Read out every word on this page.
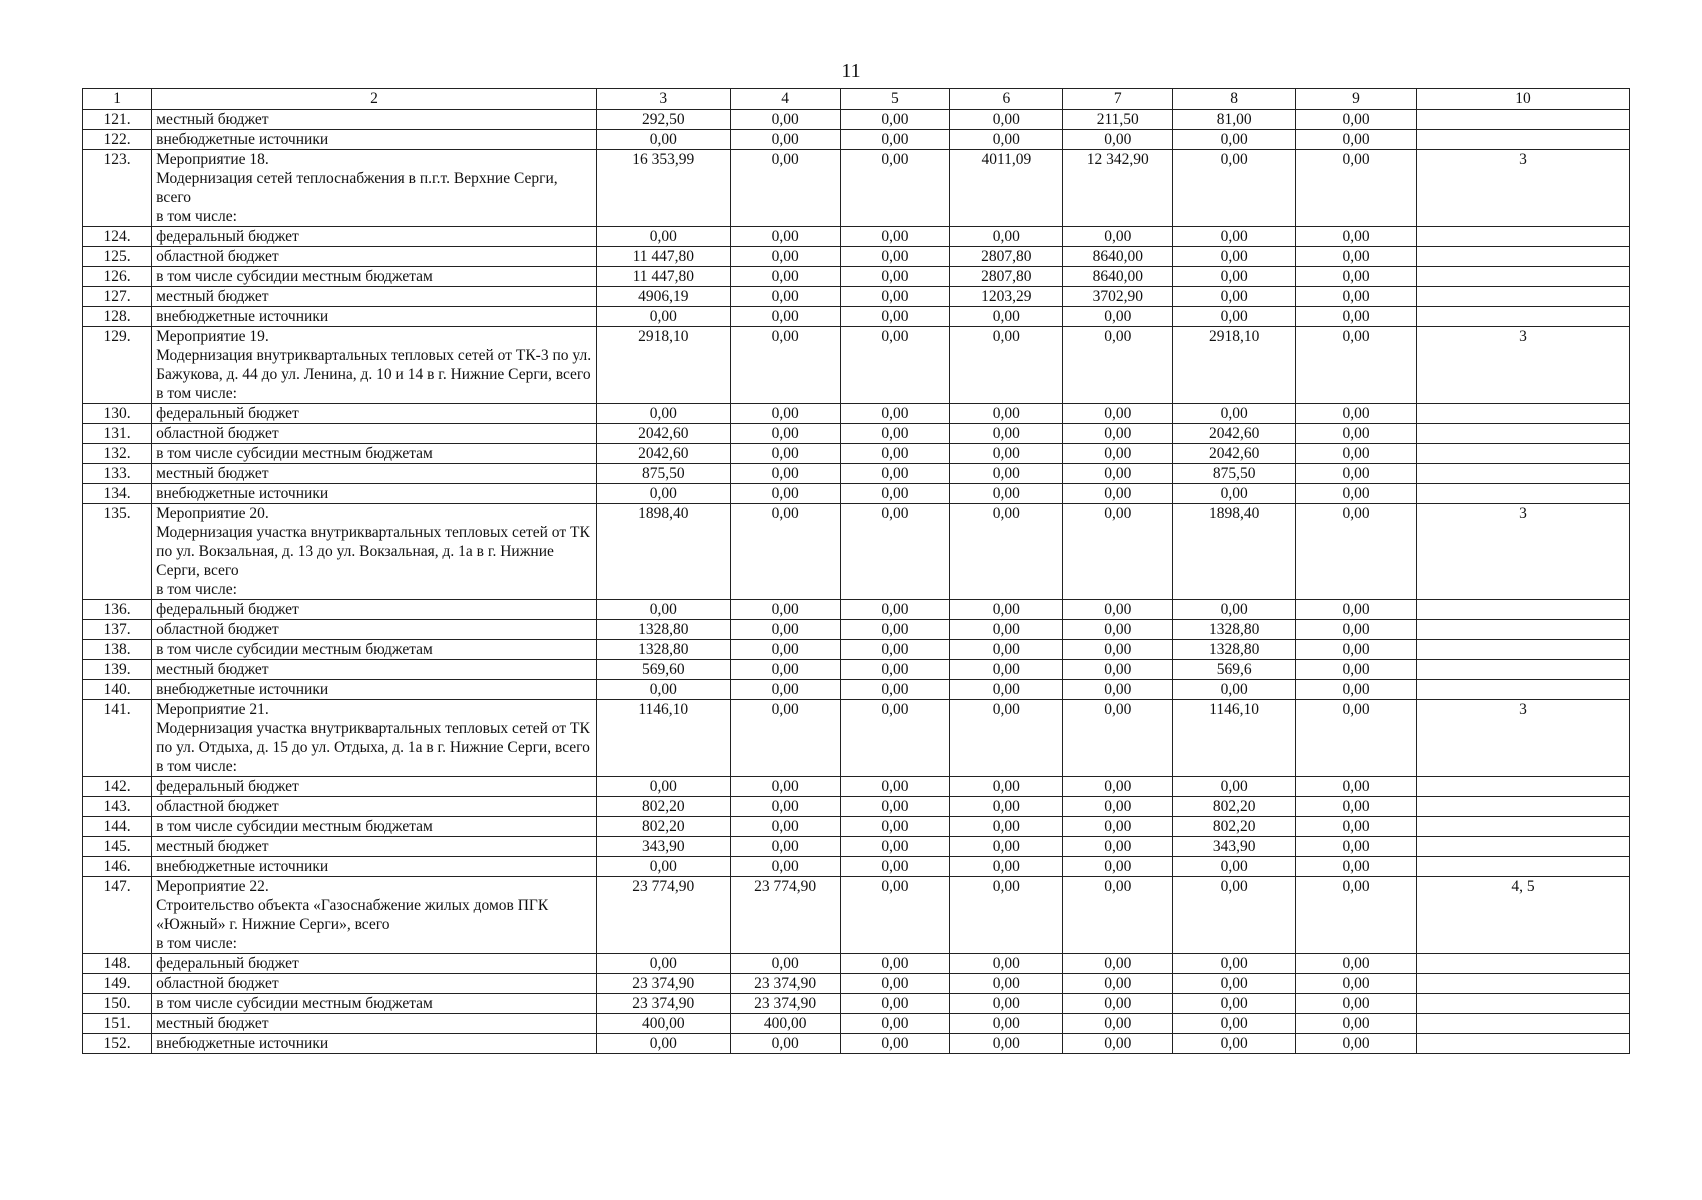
11
1	2	3	4	5	6	7	8	9	10
121.	местный бюджет	292,50	0,00	0,00	0,00	211,50	81,00	0,00	
122.	внебюджетные источники	0,00	0,00	0,00	0,00	0,00	0,00	0,00	
123.	Мероприятие 18.
Модернизация сетей теплоснабжения в п.г.т. Верхние Серги, всего
в том числе:	16 353,99	0,00	0,00	4011,09	12 342,90	0,00	0,00	3
124.	федеральный бюджет	0,00	0,00	0,00	0,00	0,00	0,00	0,00	
125.	областной бюджет	11 447,80	0,00	0,00	2807,80	8640,00	0,00	0,00	
126.	в том числе субсидии местным бюджетам	11 447,80	0,00	0,00	2807,80	8640,00	0,00	0,00	
127.	местный бюджет	4906,19	0,00	0,00	1203,29	3702,90	0,00	0,00	
128.	внебюджетные источники	0,00	0,00	0,00	0,00	0,00	0,00	0,00	
129.	Мероприятие 19.
Модернизация внутриквартальных тепловых сетей от ТК-3 по ул. Бажукова, д. 44 до ул. Ленина, д. 10 и 14 в г. Нижние Серги, всего
в том числе:	2918,10	0,00	0,00	0,00	0,00	2918,10	0,00	3
130.	федеральный бюджет	0,00	0,00	0,00	0,00	0,00	0,00	0,00	
131.	областной бюджет	2042,60	0,00	0,00	0,00	0,00	2042,60	0,00	
132.	в том числе субсидии местным бюджетам	2042,60	0,00	0,00	0,00	0,00	2042,60	0,00	
133.	местный бюджет	875,50	0,00	0,00	0,00	0,00	875,50	0,00	
134.	внебюджетные источники	0,00	0,00	0,00	0,00	0,00	0,00	0,00	
135.	Мероприятие 20.
Модернизация участка внутриквартальных тепловых сетей от ТК по ул. Вокзальная, д. 13 до ул. Вокзальная, д. 1а в г. Нижние Серги, всего
в том числе:	1898,40	0,00	0,00	0,00	0,00	1898,40	0,00	3
136.	федеральный бюджет	0,00	0,00	0,00	0,00	0,00	0,00	0,00	
137.	областной бюджет	1328,80	0,00	0,00	0,00	0,00	1328,80	0,00	
138.	в том числе субсидии местным бюджетам	1328,80	0,00	0,00	0,00	0,00	1328,80	0,00	
139.	местный бюджет	569,60	0,00	0,00	0,00	0,00	569,6	0,00	
140.	внебюджетные источники	0,00	0,00	0,00	0,00	0,00	0,00	0,00	
141.	Мероприятие 21.
Модернизация участка внутриквартальных тепловых сетей от ТК по ул. Отдыха, д. 15 до ул. Отдыха, д. 1а в г. Нижние Серги, всего
в том числе:	1146,10	0,00	0,00	0,00	0,00	1146,10	0,00	3
142.	федеральный бюджет	0,00	0,00	0,00	0,00	0,00	0,00	0,00	
143.	областной бюджет	802,20	0,00	0,00	0,00	0,00	802,20	0,00	
144.	в том числе субсидии местным бюджетам	802,20	0,00	0,00	0,00	0,00	802,20	0,00	
145.	местный бюджет	343,90	0,00	0,00	0,00	0,00	343,90	0,00	
146.	внебюджетные источники	0,00	0,00	0,00	0,00	0,00	0,00	0,00	
147.	Мероприятие 22.
Строительство объекта «Газоснабжение жилых домов ПГК «Южный» г. Нижние Серги», всего
в том числе:	23 774,90	23 774,90	0,00	0,00	0,00	0,00	0,00	4, 5
148.	федеральный бюджет	0,00	0,00	0,00	0,00	0,00	0,00	0,00	
149.	областной бюджет	23 374,90	23 374,90	0,00	0,00	0,00	0,00	0,00	
150.	в том числе субсидии местным бюджетам	23 374,90	23 374,90	0,00	0,00	0,00	0,00	0,00	
151.	местный бюджет	400,00	400,00	0,00	0,00	0,00	0,00	0,00	
152.	внебюджетные источники	0,00	0,00	0,00	0,00	0,00	0,00	0,00	
